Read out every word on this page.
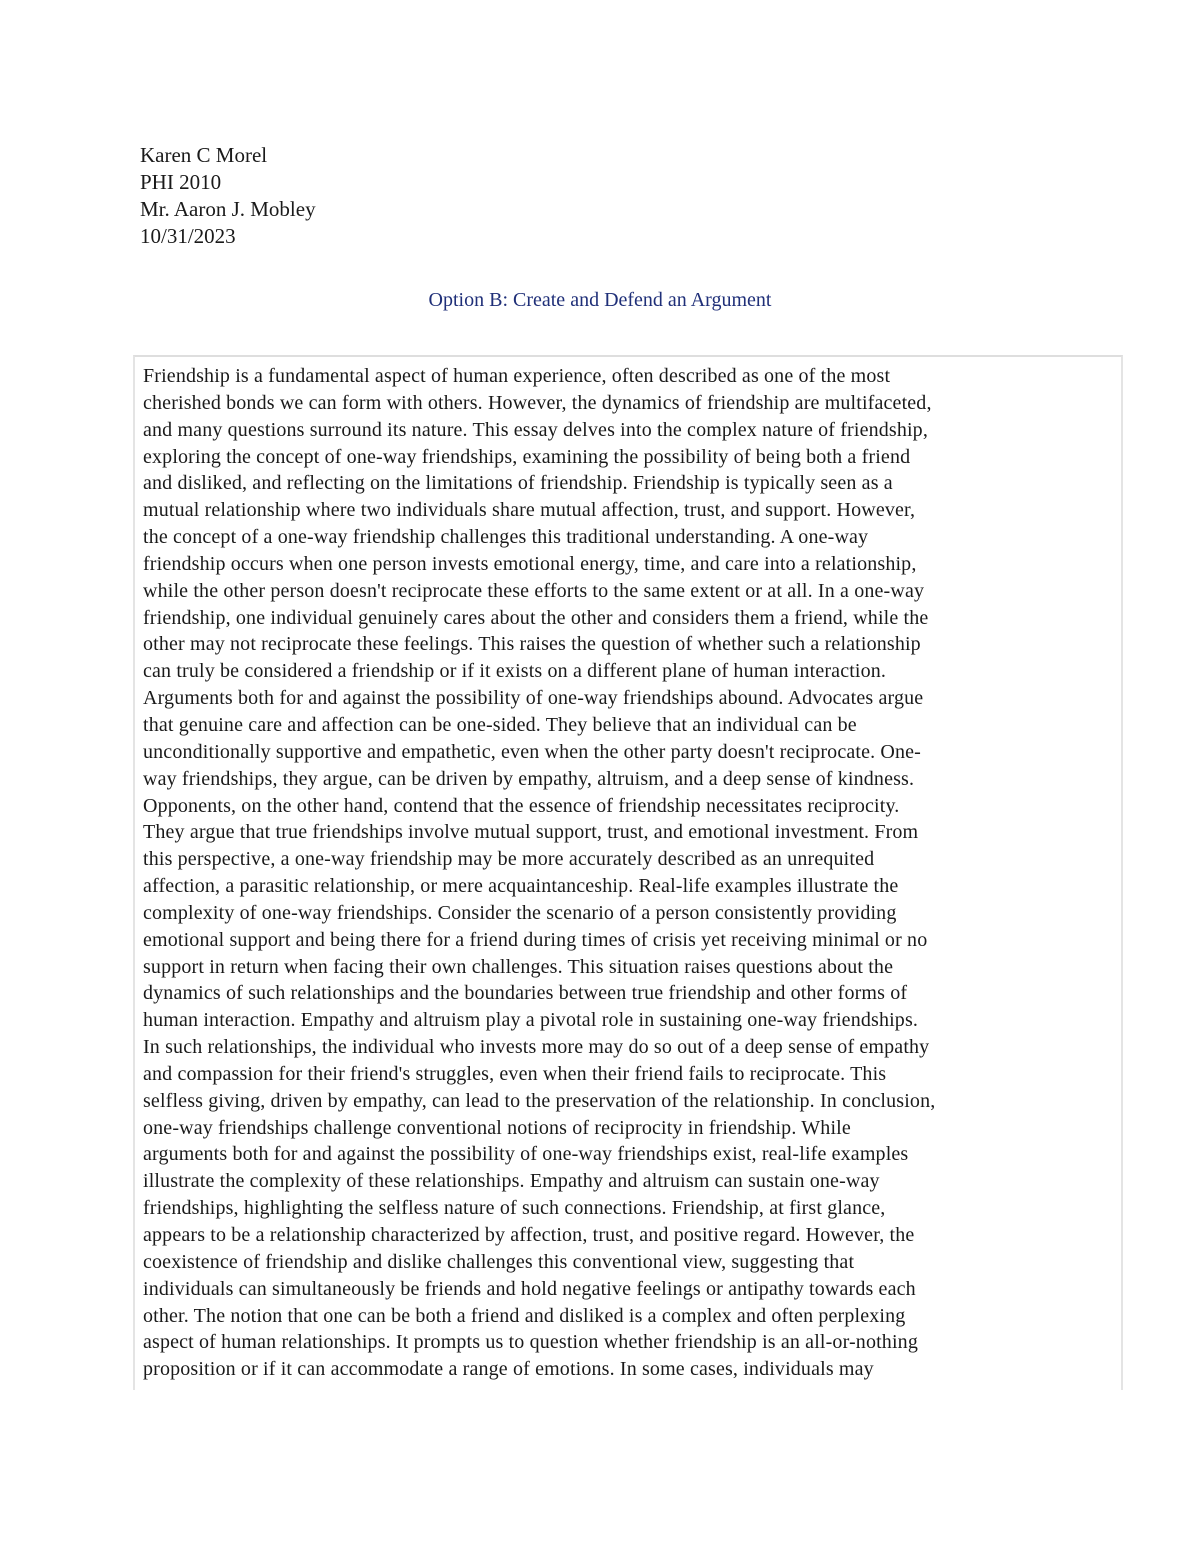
Karen C Morel
PHI 2010
Mr. Aaron J. Mobley
10/31/2023
Option B: Create and Defend an Argument
Friendship is a fundamental aspect of human experience, often described as one of the most
cherished bonds we can form with others. However, the dynamics of friendship are multifaceted,
and many questions surround its nature. This essay delves into the complex nature of friendship,
exploring the concept of one-way friendships, examining the possibility of being both a friend
and disliked, and reflecting on the limitations of friendship. Friendship is typically seen as a
mutual relationship where two individuals share mutual affection, trust, and support. However,
the concept of a one-way friendship challenges this traditional understanding. A one-way
friendship occurs when one person invests emotional energy, time, and care into a relationship,
while the other person doesn't reciprocate these efforts to the same extent or at all. In a one-way
friendship, one individual genuinely cares about the other and considers them a friend, while the
other may not reciprocate these feelings. This raises the question of whether such a relationship
can truly be considered a friendship or if it exists on a different plane of human interaction.
Arguments both for and against the possibility of one-way friendships abound. Advocates argue
that genuine care and affection can be one-sided. They believe that an individual can be
unconditionally supportive and empathetic, even when the other party doesn't reciprocate. One-
way friendships, they argue, can be driven by empathy, altruism, and a deep sense of kindness.
Opponents, on the other hand, contend that the essence of friendship necessitates reciprocity.
They argue that true friendships involve mutual support, trust, and emotional investment. From
this perspective, a one-way friendship may be more accurately described as an unrequited
affection, a parasitic relationship, or mere acquaintanceship. Real-life examples illustrate the
complexity of one-way friendships. Consider the scenario of a person consistently providing
emotional support and being there for a friend during times of crisis yet receiving minimal or no
support in return when facing their own challenges. This situation raises questions about the
dynamics of such relationships and the boundaries between true friendship and other forms of
human interaction. Empathy and altruism play a pivotal role in sustaining one-way friendships.
In such relationships, the individual who invests more may do so out of a deep sense of empathy
and compassion for their friend's struggles, even when their friend fails to reciprocate. This
selfless giving, driven by empathy, can lead to the preservation of the relationship. In conclusion,
one-way friendships challenge conventional notions of reciprocity in friendship. While
arguments both for and against the possibility of one-way friendships exist, real-life examples
illustrate the complexity of these relationships. Empathy and altruism can sustain one-way
friendships, highlighting the selfless nature of such connections. Friendship, at first glance,
appears to be a relationship characterized by affection, trust, and positive regard. However, the
coexistence of friendship and dislike challenges this conventional view, suggesting that
individuals can simultaneously be friends and hold negative feelings or antipathy towards each
other. The notion that one can be both a friend and disliked is a complex and often perplexing
aspect of human relationships. It prompts us to question whether friendship is an all-or-nothing
proposition or if it can accommodate a range of emotions. In some cases, individuals may
